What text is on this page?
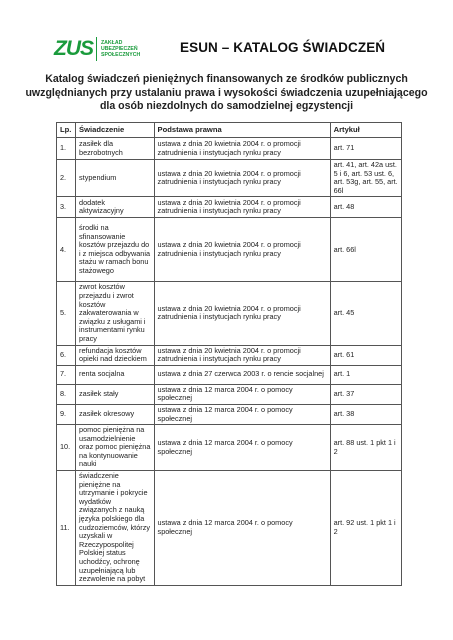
ZUS ZAKŁAD
UBEZPIECZEŃ
SPOŁECZNYCH
ESUN – KATALOG ŚWIADCZEŃ
Katalog świadczeń pieniężnych finansowanych ze środków publicznych uwzględnianych przy ustalaniu prawa i wysokości świadczenia uzupełniającego dla osób niezdolnych do samodzielnej egzystencji
Lp.	Świadczenie	Podstawa prawna	Artykuł
1.	zasiłek dla bezrobotnych	ustawa z dnia 20 kwietnia 2004 r. o promocji zatrudnienia i instytucjach rynku pracy	art. 71
2.	stypendium	ustawa z dnia 20 kwietnia 2004 r. o promocji zatrudnienia i instytucjach rynku pracy	art. 41, art. 42a ust. 5 i 6, art. 53 ust. 6, art. 53g, art. 55, art. 66l
3.	dodatek aktywizacyjny	ustawa z dnia 20 kwietnia 2004 r. o promocji zatrudnienia i instytucjach rynku pracy	art. 48
4.	środki na sfinansowanie kosztów przejazdu do i z miejsca odbywania stażu w ramach bonu stażowego	ustawa z dnia 20 kwietnia 2004 r. o promocji zatrudnienia i instytucjach rynku pracy	art. 66l
5.	zwrot kosztów przejazdu i zwrot kosztów zakwaterowania w związku z usługami i instrumentami rynku pracy	ustawa z dnia 20 kwietnia 2004 r. o promocji zatrudnienia i instytucjach rynku pracy	art. 45
6.	refundacja kosztów opieki nad dzieckiem	ustawa z dnia 20 kwietnia 2004 r. o promocji zatrudnienia i instytucjach rynku pracy	art. 61
7.	renta socjalna	ustawa z dnia 27 czerwca 2003 r. o rencie socjalnej	art. 1
8.	zasiłek stały	ustawa z dnia 12 marca 2004 r. o pomocy społecznej	art. 37
9.	zasiłek okresowy	ustawa z dnia 12 marca 2004 r. o pomocy społecznej	art. 38
10.	pomoc pieniężna na usamodzielnienie oraz pomoc pieniężna na kontynuowanie nauki	ustawa z dnia 12 marca 2004 r. o pomocy społecznej	art. 88 ust. 1 pkt 1 i 2
11.	świadczenie pieniężne na utrzymanie i pokrycie wydatków związanych z nauką języka polskiego dla cudzoziemców, którzy uzyskali w Rzeczypospolitej Polskiej status uchodźcy, ochronę uzupełniającą lub zezwolenie na pobyt	ustawa z dnia 12 marca 2004 r. o pomocy społecznej	art. 92 ust. 1 pkt 1 i 2
